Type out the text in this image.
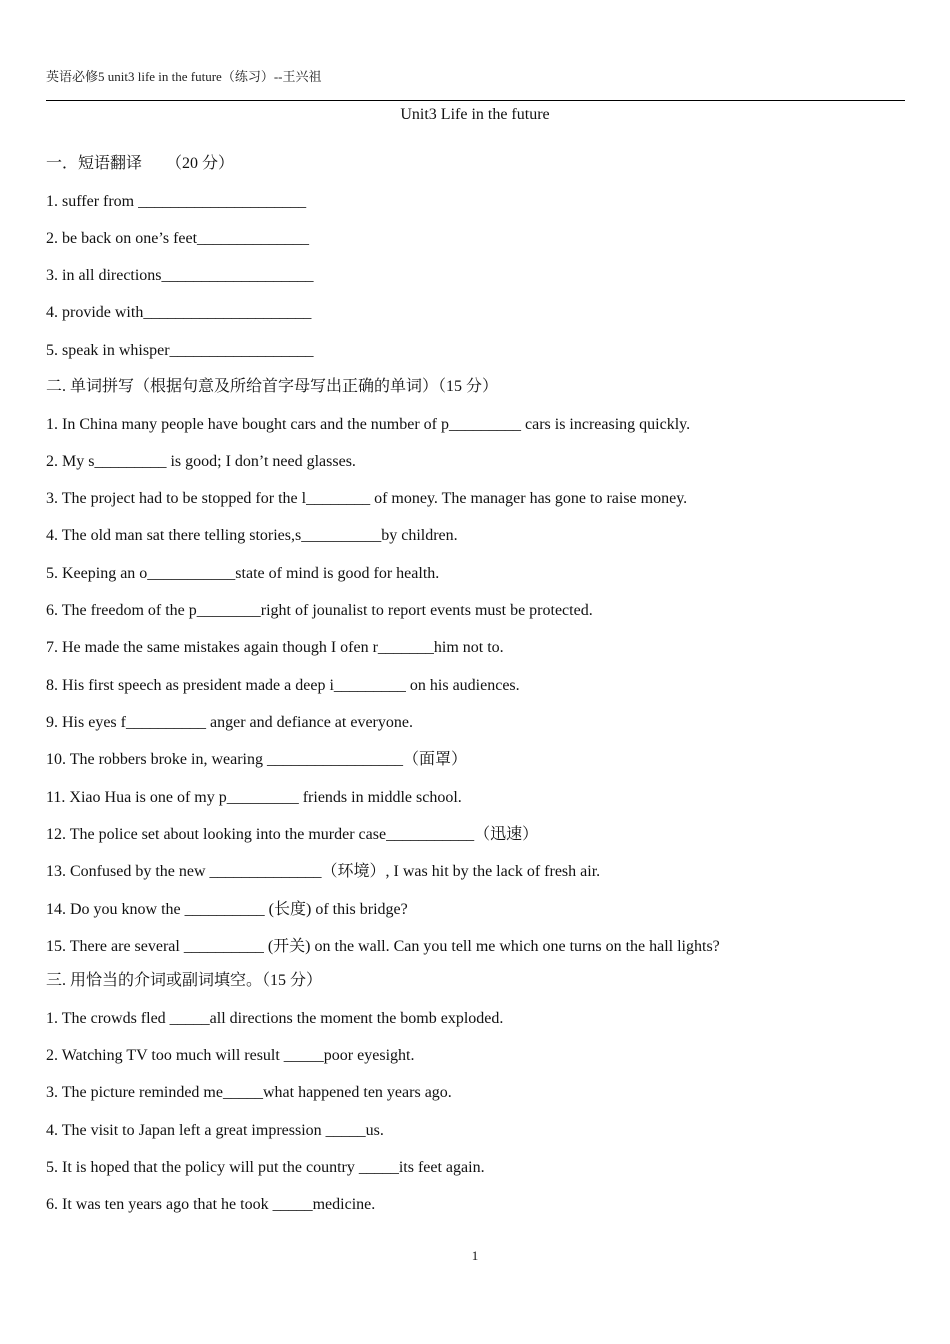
英语必修5 unit3 life in the future（练习）--王兴祖
Unit3 Life in the future
一．短语翻译　　（20 分）
1. suffer from _____________________
2. be back on one’s feet______________
3. in all directions___________________
4. provide with_____________________
5. speak in whisper__________________
二. 单词拼写（根据句意及所给首字母写出正确的单词）（15 分）
1. In China many people have bought cars and the number of p_________ cars is increasing quickly.
2. My s_________ is good; I don’t need glasses.
3. The project had to be stopped for the l________ of money. The manager has gone to raise money.
4. The old man sat there telling stories,s__________by children.
5. Keeping an o___________state of mind is good for health.
6. The freedom of the p________right of jounalist to report events must be protected.
7. He made the same mistakes again though I ofen r_______him not to.
8. His first speech as president made a deep i_________ on his audiences.
9. His eyes f__________ anger and defiance at everyone.
10. The robbers broke in, wearing _________________（面罩）
11. Xiao Hua is one of my p_________ friends in middle school.
12. The police set about looking into the murder case___________（迅速）
13. Confused by the new ______________（环境）, I was hit by the lack of fresh air.
14. Do you know the __________ (长度) of this bridge?
15. There are several __________ (开关) on the wall. Can you tell me which one turns on the hall lights?
三. 用恰当的介词或副词填空。（15 分）
1. The crowds fled _____all directions the moment the bomb exploded.
2. Watching TV too much will result _____poor eyesight.
3. The picture reminded me_____what happened ten years ago.
4. The visit to Japan left a great impression _____us.
5. It is hoped that the policy will put the country _____its feet again.
6. It was ten years ago that he took _____medicine.
1
